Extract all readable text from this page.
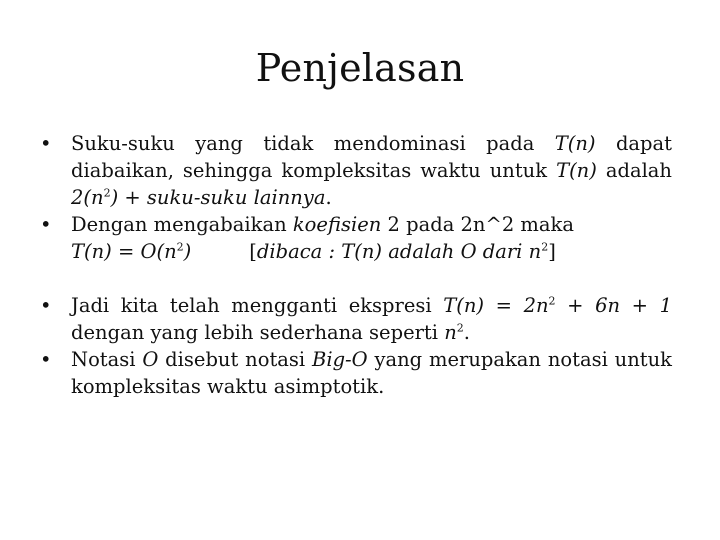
Penjelasan
• Suku-suku yang tidak mendominasi pada T(n) dapat diabaikan, sehingga kompleksitas waktu untuk T(n) adalah $2(n^2)$ + suku-suku lainnya.
• Dengan mengabaikan koefisien 2 pada 2n^2 maka
$T(n) = O(n^2)$	[dibaca : T(n) adalah O dari $n^2$]
• Jadi kita telah mengganti ekspresi $T(n) = 2n^2 + 6n + 1$ dengan yang lebih sederhana seperti $n^2$.
• Notasi O disebut notasi Big-O yang merupakan notasi untuk kompleksitas waktu asimptotik.
